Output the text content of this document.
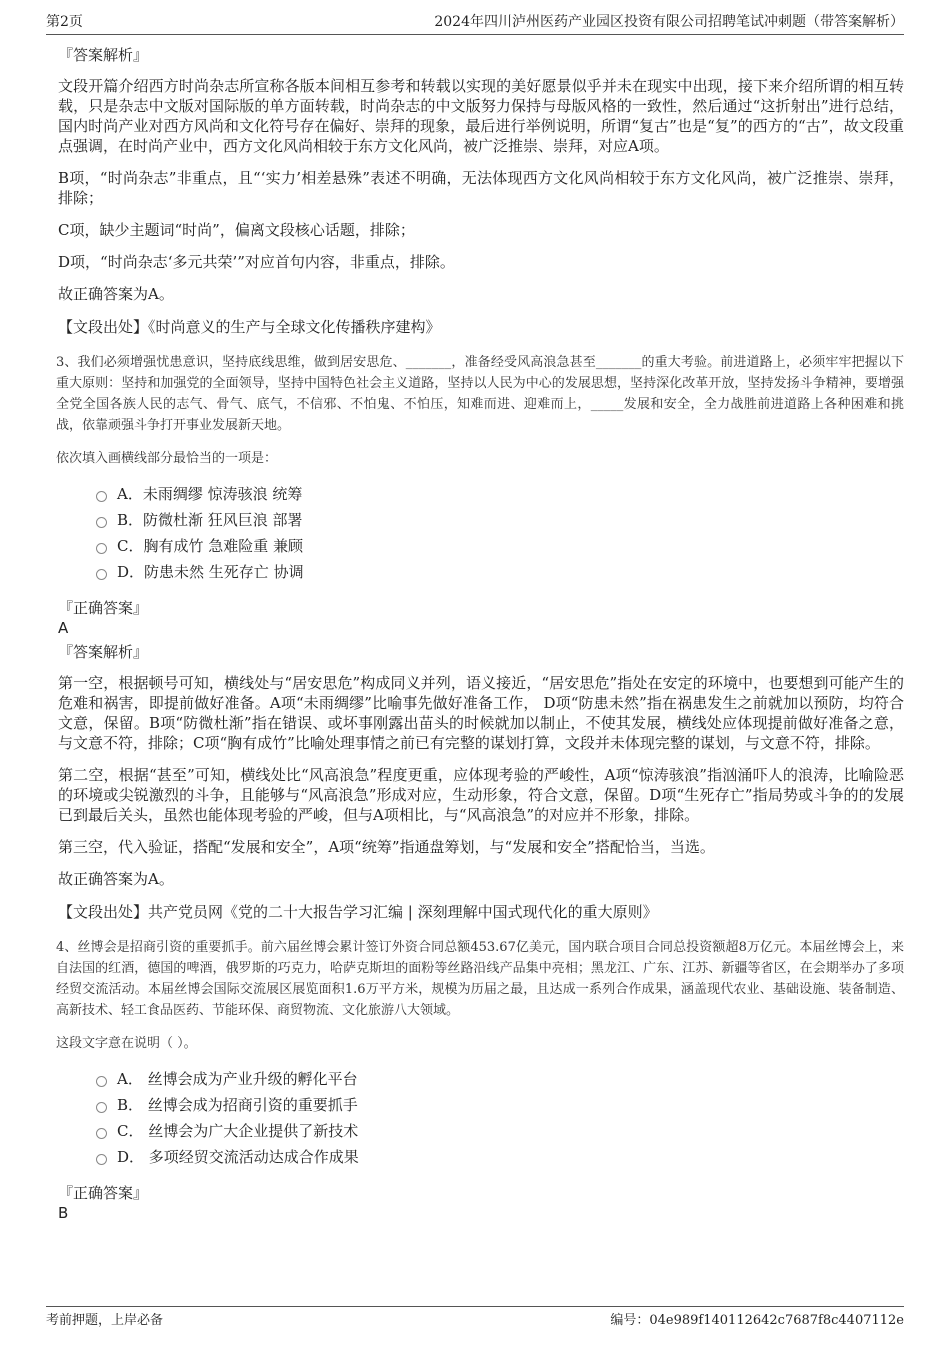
第2页	2024年四川泸州医药产业园区投资有限公司招聘笔试冲刺题（带答案解析）
『答案解析』

文段开篇介绍西方时尚杂志所宣称各版本间相互参考和转载以实现的美好愿景似乎并未在现实中出现，接下来介绍所谓的相互转载，只是杂志中文版对国际版的单方面转载，时尚杂志的中文版努力保持与母版风格的一致性，然后通过“这折射出”进行总结，国内时尚产业对西方风尚和文化符号存在偏好、崇拜的现象，最后进行举例说明，所谓“复古”也是“复”的西方的“古”，故文段重点强调，在时尚产业中，西方文化风尚相较于东方文化风尚，被广泛推崇、崇拜，对应A项。

B项，“时尚杂志”非重点，且“‘实力’相差悬殊”表述不明确，无法体现西方文化风尚相较于东方文化风尚，被广泛推崇、崇拜，排除；

C项，缺少主题词“时尚”，偏离文段核心话题，排除；

D项，“时尚杂志‘多元共荣’”对应首句内容，非重点，排除。

故正确答案为A。

【文段出处】《时尚意义的生产与全球文化传播秩序建构》

3、我们必须增强忧患意识，坚持底线思维，做到居安思危、_______，准备经受风高浪急甚至_______的重大考验。前进道路上，必须牢牢把握以下重大原则：坚持和加强党的全面领导，坚持中国特色社会主义道路，坚持以人民为中心的发展思想，坚持深化改革开放，坚持发扬斗争精神，要增强全党全国各族人民的志气、骨气、底气，不信邪、不怕鬼、不怕压，知难而进、迎难而上，_____发展和安全，全力战胜前进道路上各种困难和挑战，依靠顽强斗争打开事业发展新天地。

依次填入画横线部分最恰当的一项是：

A．未雨绸缪 惊涛骇浪 统筹
B．防微杜渐 狂风巨浪 部署
C．胸有成竹 急难险重 兼顾
D．防患未然 生死存亡 协调
『正确答案』
A
『答案解析』

第一空，根据顿号可知，横线处与“居安思危”构成同义并列，语义接近，“居安思危”指处在安定的环境中，也要想到可能产生的危难和祸害，即提前做好准备。A项“未雨绸缪”比喻事先做好准备工作， D项“防患未然”指在祸患发生之前就加以预防，均符合文意，保留。B项“防微杜渐”指在错误、或坏事刚露出苗头的时候就加以制止，不使其发展，横线处应体现提前做好准备之意，与文意不符，排除；C项“胸有成竹”比喻处理事情之前已有完整的谋划打算，文段并未体现完整的谋划，与文意不符，排除。

第二空，根据“甚至”可知，横线处比“风高浪急”程度更重，应体现考验的严峻性，A项“惊涛骇浪”指汹涌吓人的浪涛，比喻险恶的环境或尖锐激烈的斗争，且能够与“风高浪急”形成对应，生动形象，符合文意，保留。D项“生死存亡”指局势或斗争的的发展已到最后关头，虽然也能体现考验的严峻，但与A项相比，与“风高浪急”的对应并不形象，排除。

第三空，代入验证，搭配“发展和安全”，A项“统筹”指通盘筹划，与“发展和安全”搭配恰当，当选。

故正确答案为A。

【文段出处】共产党员网《党的二十大报告学习汇编 | 深刻理解中国式现代化的重大原则》

4、丝博会是招商引资的重要抓手。前六届丝博会累计签订外资合同总额453.67亿美元，国内联合项目合同总投资额超8万亿元。本届丝博会上，来自法国的红酒，德国的啤酒，俄罗斯的巧克力，哈萨克斯坦的面粉等丝路沿线产品集中亮相；黑龙江、广东、江苏、新疆等省区，在会期举办了多项经贸交流活动。本届丝博会国际交流展区展览面积1.6万平方米，规模为历届之最，且达成一系列合作成果，涵盖现代农业、基础设施、装备制造、高新技术、轻工食品医药、节能环保、商贸物流、文化旅游八大领域。

这段文字意在说明（ ）。

A． 丝博会成为产业升级的孵化平台
B． 丝博会成为招商引资的重要抓手
C． 丝博会为广大企业提供了新技术
D． 多项经贸交流活动达成合作成果
『正确答案』
B
考前押题，上岸必备	编号：04e989f140112642c7687f8c4407112e
